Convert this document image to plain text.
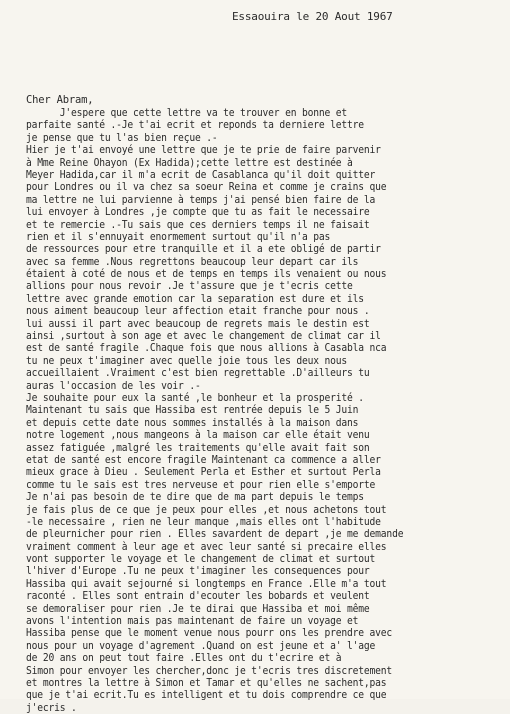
Essaouira le 20 Aout 1967
Cher Abram,
J'espere que cette lettre va te trouver en bonne et
parfaite santé .-Je t'ai ecrit et reponds ta derniere lettre
je pense que tu l'as bien reçue .-
Hier je t'ai envoyé une lettre que je te prie de faire parvenir
à Mme Reine Ohayon (Ex Hadida);cette lettre est destinée à
Meyer Hadida,car il m'a ecrit de Casablanca qu'il doit quitter
pour Londres ou il va chez sa soeur Reina et comme je crains que
ma lettre ne lui parvienne à temps j'ai pensé bien faire de la
lui envoyer à Londres ,je compte que tu as fait le necessaire
et te remercie .-Tu sais que ces derniers temps il ne faisait
rien et il s'ennuyait enormement surtout qu'il n'a pas
de ressources pour etre tranquille et il a ete obligé de partir
avec sa femme .Nous regrettons beaucoup leur depart car ils
étaient à coté de nous et de temps en temps ils venaient ou nous
allions pour nous revoir .Je t'assure que je t'ecris cette
lettre avec grande emotion car la separation est dure et ils
nous aiment beaucoup leur affection etait franche pour nous .
lui aussi il part avec beaucoup de regrets mais le destin est
ainsi ,surtout à son age et avec le changement de climat car il
est de santé fragile .Chaque fois que nous allions à Casabla nca
tu ne peux t'imaginer avec quelle joie tous les deux nous
accueillaient .Vraiment c'est bien regrettable .D'ailleurs tu
auras l'occasion de les voir .-
Je souhaite pour eux la santé ,le bonheur et la prosperité .
Maintenant tu sais que Hassiba est rentrée depuis le 5 Juin
et depuis cette date nous sommes installés à la maison dans
notre logement ,nous mangeons à la maison car elle était venu
assez fatiguée ,malgré les traitements qu'elle avait fait son
etat de santé est encore fragile Maintenant ca commence a aller
mieux grace à Dieu . Seulement Perla et Esther et surtout Perla
comme tu le sais est tres nerveuse et pour rien elle s'emporte
Je n'ai pas besoin de te dire que de ma part depuis le temps
je fais plus de ce que je peux pour elles ,et nous achetons tout
-le necessaire , rien ne leur manque ,mais elles ont l'habitude
de pleurnicher pour rien . Elles savardent de depart ,je me demande
vraiment comment à leur age et avec leur santé si precaire elles
vont supporter le voyage et le changement de climat et surtout
l'hiver d'Europe .Tu ne peux t'imaginer les consequences pour
Hassiba qui avait sejourné si longtemps en France .Elle m'a tout
raconté . Elles sont entrain d'ecouter les bobards et veulent
se demoraliser pour rien .Je te dirai que Hassiba et moi même
avons l'intention mais pas maintenant de faire un voyage et
Hassiba pense que le moment venue nous pourr ons les prendre avec
nous pour un voyage d'agrement .Quand on est jeune et a' l'age
de 20 ans on peut tout faire .Elles ont du t'ecrire et à
Simon pour envoyer les chercher,donc je t'ecris tres discretement
et montres la lettre à Simon et Tamar et qu'elles ne sachent,pas
que je t'ai ecrit.Tu es intelligent et tu dois comprendre ce que
j'ecris .
